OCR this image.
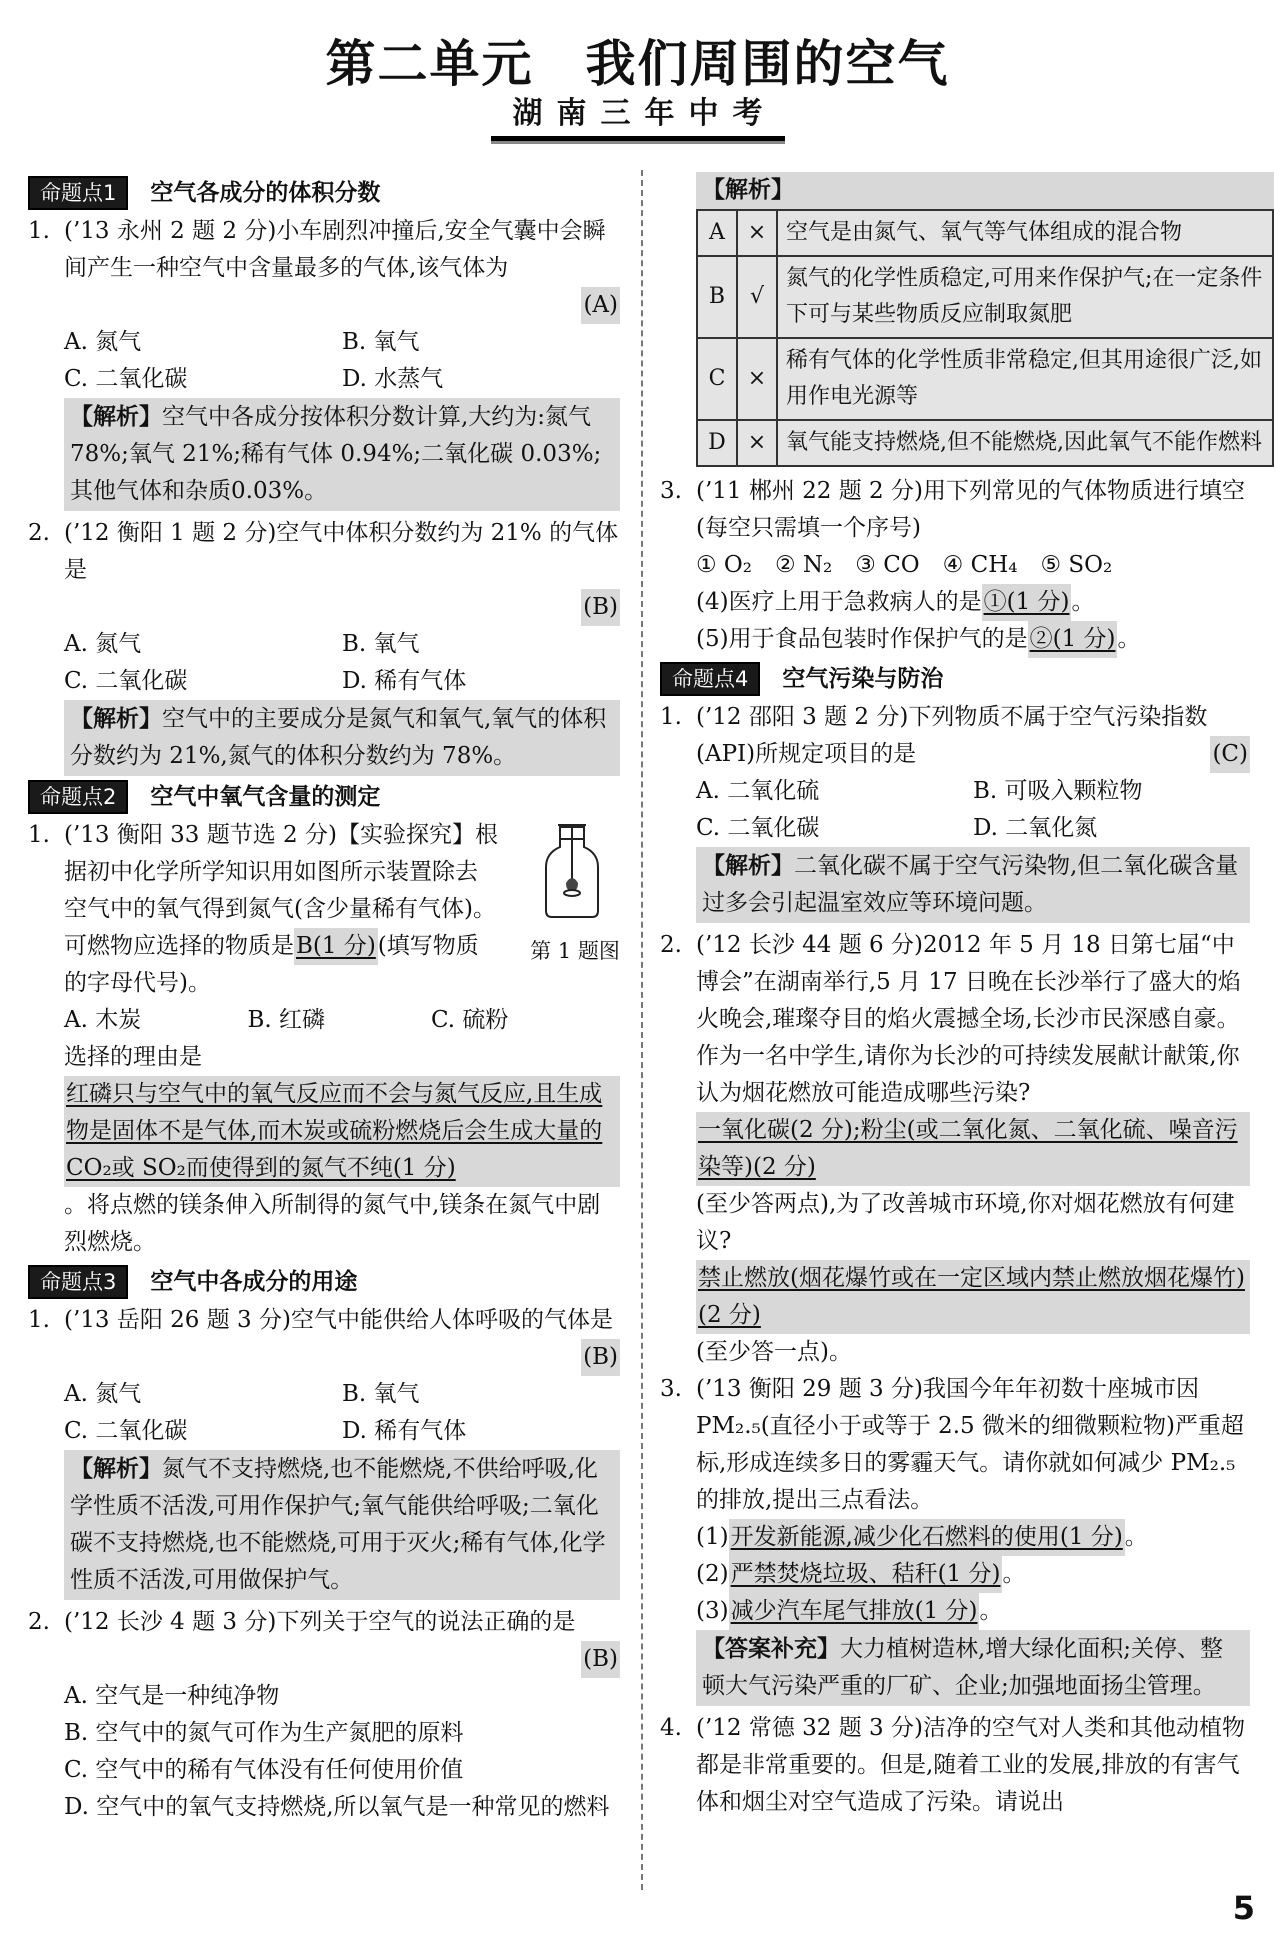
第二单元　我们周围的空气
湖南三年中考
命题点1	空气各成分的体积分数
1. (’13 永州 2 题 2 分)小车剧烈冲撞后,安全气囊中会瞬间产生一种空气中含量最多的气体,该气体为
(A)
A. 氮气	B. 氧气
C. 二氧化碳	D. 水蒸气
【解析】空气中各成分按体积分数计算,大约为:氮气 78%;氧气 21%;稀有气体 0.94%;二氧化碳 0.03%;其他气体和杂质0.03%。
2. (’12 衡阳 1 题 2 分)空气中体积分数约为 21% 的气体是
(B)
A. 氮气	B. 氧气
C. 二氧化碳	D. 稀有气体
【解析】空气中的主要成分是氮气和氧气,氧气的体积分数约为 21%,氮气的体积分数约为 78%。
命题点2	空气中氧气含量的测定
第 1 题图
1. (’13 衡阳 33 题节选 2 分)【实验探究】根据初中化学所学知识用如图所示装置除去空气中的氧气得到氮气(含少量稀有气体)。可燃物应选择的物质是B(1 分)(填写物质的字母代号)。
A. 木炭	B. 红磷	C. 硫粉
选择的理由是红磷只与空气中的氧气反应而不会与氮气反应,且生成物是固体不是气体,而木炭或硫粉燃烧后会生成大量的 CO₂或 SO₂而使得到的氮气不纯(1 分)。将点燃的镁条伸入所制得的氮气中,镁条在氮气中剧烈燃烧。
命题点3	空气中各成分的用途
1. (’13 岳阳 26 题 3 分)空气中能供给人体呼吸的气体是
(B)
A. 氮气	B. 氧气
C. 二氧化碳	D. 稀有气体
【解析】氮气不支持燃烧,也不能燃烧,不供给呼吸,化学性质不活泼,可用作保护气;氧气能供给呼吸;二氧化碳不支持燃烧,也不能燃烧,可用于灭火;稀有气体,化学性质不活泼,可用做保护气。
2. (’12 长沙 4 题 3 分)下列关于空气的说法正确的是
(B)
A. 空气是一种纯净物
B. 空气中的氮气可作为生产氮肥的原料
C. 空气中的稀有气体没有任何使用价值
D. 空气中的氧气支持燃烧,所以氧气是一种常见的燃料
【解析】
A	×	空气是由氮气、氧气等气体组成的混合物
B	√	氮气的化学性质稳定,可用来作保护气;在一定条件下可与某些物质反应制取氮肥
C	×	稀有气体的化学性质非常稳定,但其用途很广泛,如用作电光源等
D	×	氧气能支持燃烧,但不能燃烧,因此氧气不能作燃料
3. (’11 郴州 22 题 2 分)用下列常见的气体物质进行填空(每空只需填一个序号)
① O₂　② N₂　③ CO　④ CH₄　⑤ SO₂
(4)医疗上用于急救病人的是①(1 分)。
(5)用于食品包装时作保护气的是②(1 分)。
命题点4	空气污染与防治
1. (’12 邵阳 3 题 2 分)下列物质不属于空气污染指数(API)所规定项目的是	(C)
A. 二氧化硫	B. 可吸入颗粒物
C. 二氧化碳	D. 二氧化氮
【解析】二氧化碳不属于空气污染物,但二氧化碳含量过多会引起温室效应等环境问题。
2. (’12 长沙 44 题 6 分)2012 年 5 月 18 日第七届“中博会”在湖南举行,5 月 17 日晚在长沙举行了盛大的焰火晚会,璀璨夺目的焰火震撼全场,长沙市民深感自豪。作为一名中学生,请你为长沙的可持续发展献计献策,你认为烟花燃放可能造成哪些污染?一氧化碳(2 分);粉尘(或二氧化氮、二氧化硫、噪音污染等)(2 分)(至少答两点),为了改善城市环境,你对烟花燃放有何建议?禁止燃放(烟花爆竹或在一定区域内禁止燃放烟花爆竹)(2 分)(至少答一点)。
3. (’13 衡阳 29 题 3 分)我国今年年初数十座城市因 PM₂.₅(直径小于或等于 2.5 微米的细微颗粒物)严重超标,形成连续多日的雾霾天气。请你就如何减少 PM₂.₅的排放,提出三点看法。
(1)开发新能源,减少化石燃料的使用(1 分)。
(2)严禁焚烧垃圾、秸秆(1 分)。
(3)减少汽车尾气排放(1 分)。
【答案补充】大力植树造林,增大绿化面积;关停、整顿大气污染严重的厂矿、企业;加强地面扬尘管理。
4. (’12 常德 32 题 3 分)洁净的空气对人类和其他动植物都是非常重要的。但是,随着工业的发展,排放的有害气体和烟尘对空气造成了污染。请说出
5
